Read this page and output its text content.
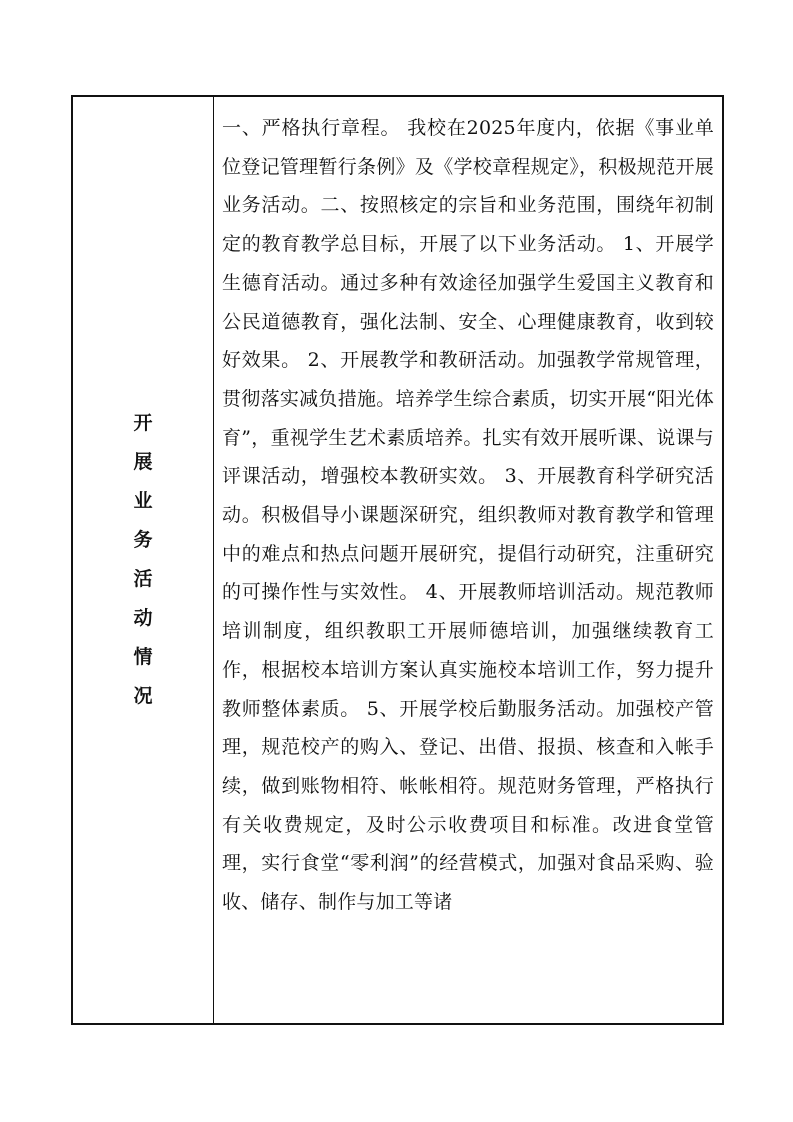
开
展
业
务
活
动
情
况

一、严格执行章程。 我校在2025年度内，依据《事业单位登记管理暂行条例》及《学校章程规定》，积极规范开展业务活动。二、按照核定的宗旨和业务范围，围绕年初制定的教育教学总目标，开展了以下业务活动。 1、开展学生德育活动。通过多种有效途径加强学生爱国主义教育和公民道德教育，强化法制、安全、心理健康教育，收到较好效果。 2、开展教学和教研活动。加强教学常规管理，贯彻落实减负措施。培养学生综合素质，切实开展“阳光体育”，重视学生艺术素质培养。扎实有效开展听课、说课与评课活动，增强校本教研实效。 3、开展教育科学研究活动。积极倡导小课题深研究，组织教师对教育教学和管理中的难点和热点问题开展研究，提倡行动研究，注重研究的可操作性与实效性。 4、开展教师培训活动。规范教师培训制度，组织教职工开展师德培训，加强继续教育工作，根据校本培训方案认真实施校本培训工作，努力提升教师整体素质。 5、开展学校后勤服务活动。加强校产管理，规范校产的购入、登记、出借、报损、核查和入帐手续，做到账物相符、帐帐相符。规范财务管理，严格执行有关收费规定，及时公示收费项目和标准。改进食堂管理，实行食堂“零利润”的经营模式，加强对食品采购、验收、储存、制作与加工等诸
